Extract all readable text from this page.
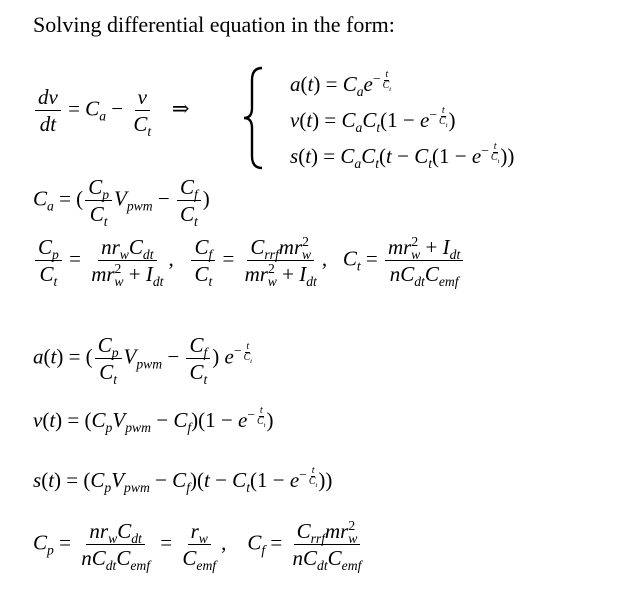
Solving differential equation in the form:
$\frac{dv}{dt} = C_a - \frac{v}{C_t}$ ⇒
$a(t) = C_ae^{- \frac{t}{C_t}}$
$v(t) = C_aC_t(1 - e^{- \frac{t}{C_t}}$ )
$s(t) = C_aC_t(t - C_t(1 - e^{- \frac{t}{C_t}}$ ))
$C_a$ = ( $\frac{C_p}{C_t} V_{pwm} - \frac{C_f}{C_t}$ )
$\frac{C_p}{C_t} = \frac{nr_wC_{dt}}{mr^2_w + I_{dt}}$ , $\frac{C_f}{C_t} = \frac{C_{rrf}mr^2_w}{mr^2_w + I_{dt}}$ ,   $C_t = \frac{mr^2_w + I_{dt}}{nC_{dt}C_{emf}}$
a(t) = ( $\frac{C_p}{C_t} V_{pwm} - \frac{C_f}{C_t}$ ) $e^{- \frac{t}{C_t}}$
$v(t) = (C_pV_{pwm} - C_f)(1 - e^{- \frac{t}{C_t}}$ )
$s(t) = (C_pV_{pwm} - C_f)(t - C_t(1 - e^{- \frac{t}{C_t}}$ ))
$C_p = \frac{nr_wC_{dt}}{nC_{dt}C_{emf}} = \frac{r_w}{C_{emf}}$ ,    $C_f = \frac{C_{rrf}mr^2_w}{nC_{dt}C_{emf}}$
